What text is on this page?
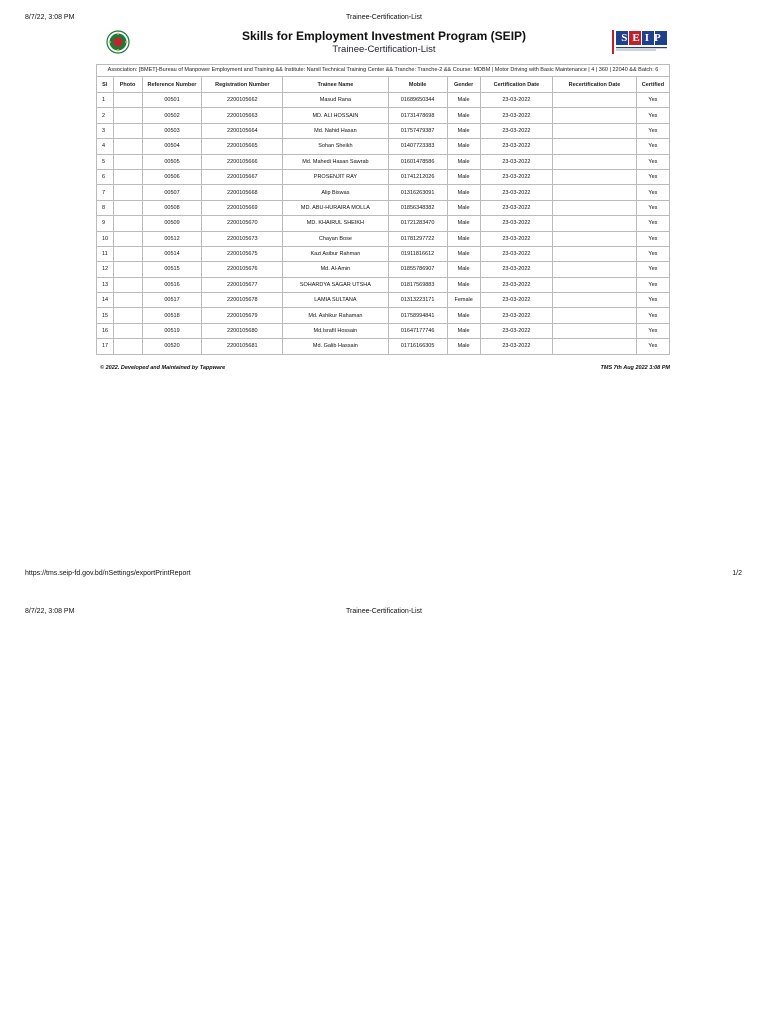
8/7/22, 3:08 PM	Trainee-Certification-List
Skills for Employment Investment Program (SEIP)
Trainee-Certification-List
SEIP
Association: [BMET]-Bureau of Manpower Employment and Training && Institute: Narsil Technical Training Center && Tranche: Tranche-2 && Course: MDBM | Motor Driving with Basic Maintenance | 4 | 360 | 22040 && Batch: 6									
Sl	Photo	Reference Number	Registration Number	Trainee Name	Mobile	Gender	Certification Date	Recertification Date	Certified
1		00501	2200105662	Masud Rana	01689650344	Male	23-03-2022		Yes
2		00502	2200105663	MD. ALI HOSSAIN	01731478698	Male	23-03-2022		Yes
3		00503	2200105664	Md. Nahid Hasan	01757479387	Male	23-03-2022		Yes
4		00504	2200105665	Sohan Sheikh	01407723383	Male	23-03-2022		Yes
5		00505	2200105666	Md. Mahedi Hasan Sawrab	01601478586	Male	23-03-2022		Yes
6		00506	2200105667	PROSENJIT RAY	01741212026	Male	23-03-2022		Yes
7		00507	2200105668	Alip Biswas	01316263091	Male	23-03-2022		Yes
8		00508	2200105669	MD. ABU-HURAIRA MOLLA	01856348382	Male	23-03-2022		Yes
9		00509	2200105670	MD. KHAIRUL SHEIKH	01721283470	Male	23-03-2022		Yes
10		00512	2200105673	Chayan Bose	01781297722	Male	23-03-2022		Yes
11		00514	2200105675	Kazi Asibur Rahman	01911816612	Male	23-03-2022		Yes
12		00515	2200105676	Md. Al-Amin	01855786907	Male	23-03-2022		Yes
13		00516	2200105677	SOHARDYA SAGAR UTSHA	01817569883	Male	23-03-2022		Yes
14		00517	2200105678	LAMIA SULTANA	01313223171	Female	23-03-2022		Yes
15		00518	2200105679	Md. Ashikur Rahaman	01758994841	Male	23-03-2022		Yes
16		00519	2200105680	Md.Israfil Hossain	01647177746	Male	23-03-2022		Yes
17		00520	2200105681	Md. Galib Hassain	01716166305	Male	23-03-2022		Yes
© 2022. Developed and Maintained by Tappware	TMS 7th Aug 2022 3:08 PM
https://tms.seip-fd.gov.bd/nSettings/exportPrintReport	1/2
8/7/22, 3:08 PM	Trainee-Certification-List
